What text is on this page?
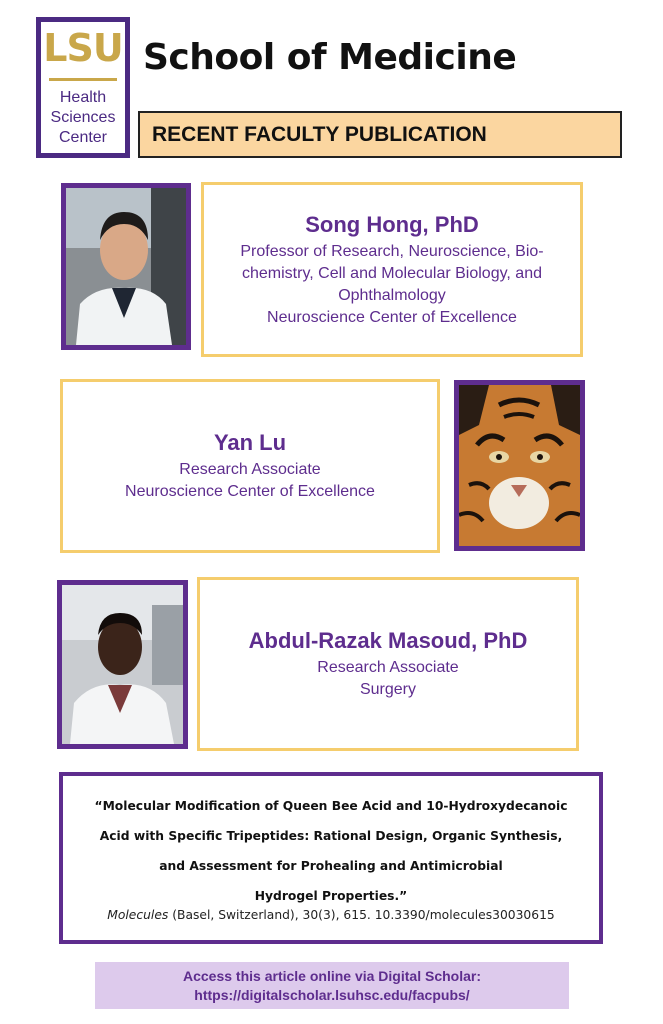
LSU
Health
Sciences
Center
School of Medicine
RECENT FACULTY PUBLICATION
Song Hong, PhD
Professor of Research, Neuroscience, Bio-
chemistry, Cell and Molecular Biology, and
Ophthalmology
Neuroscience Center of Excellence
Yan Lu
Research Associate
Neuroscience Center of Excellence
Abdul-Razak Masoud, PhD
Research Associate
Surgery
“Molecular Modification of Queen Bee Acid and 10-Hydroxydecanoic
Acid with Specific Tripeptides: Rational Design, Organic Synthesis,
and Assessment for Prohealing and Antimicrobial
Hydrogel Properties.”
Molecules (Basel, Switzerland), 30(3), 615. 10.3390/molecules30030615
Access this article online via Digital Scholar:
https://digitalscholar.lsuhsc.edu/facpubs/
